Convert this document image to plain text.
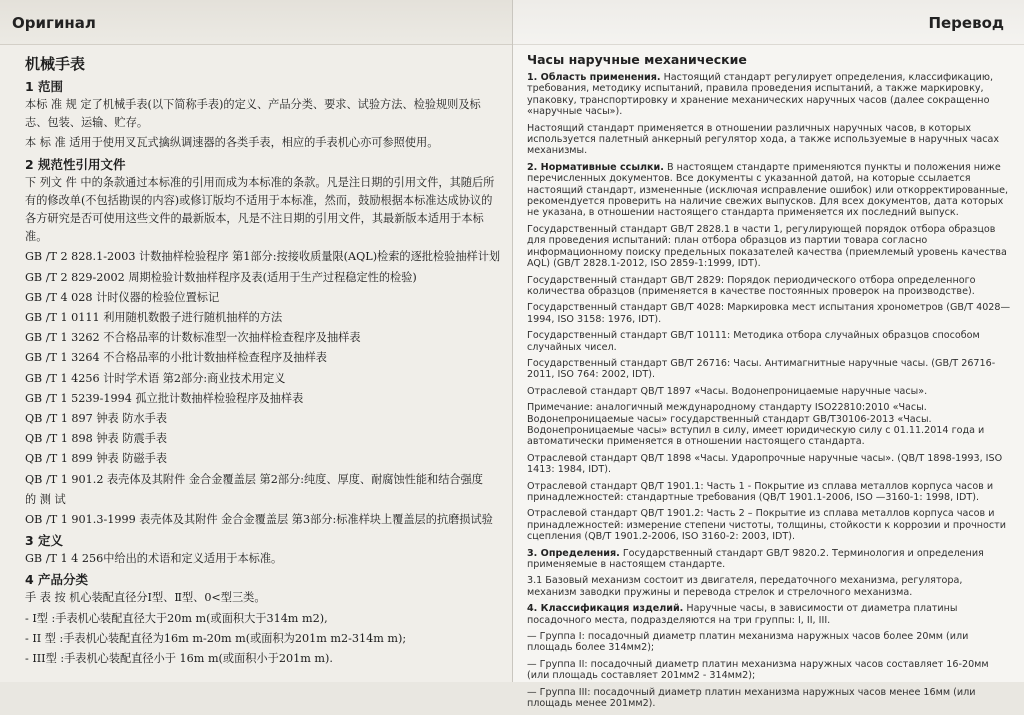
Оригинал
机械手表
1 范围

本标 准 规 定了机械手表(以下简称手表)的定义、产品分类、要求、试验方法、检验规则及标志、包装、运输、贮存。

本 标 准 适用于使用叉瓦式擒纵调速器的各类手表，相应的手表机心亦可参照使用。

2 规范性引用文件

下 列文 件 中的条款通过本标准的引用而成为本标准的条款。凡是注日期的引用文件，其随后所有的修改单(不包括勘误的内容)或修订版均不适用于本标准，然而，鼓励根据本标准达成协议的各方研究是否可使用这些文件的最新版本，凡是不注日期的引用文件，其最新版本适用于本标准。

GB /T 2 828.1-2003 计数抽样检验程序 第1部分:按接收质量限(AQL)检索的逐批检验抽样计划

GB /T 2 829-2002 周期检验计数抽样程序及表(适用于生产过程稳定性的检验)

GB /T 4 028 计时仪器的检验位置标记

GB /T 1 0111 利用随机数骰子进行随机抽样的方法

GB /T 1 3262 不合格品率的计数标准型一次抽样检查程序及抽样表

GB /T 1 3264 不合格品率的小批计数抽样检查程序及抽样表

GB /T 1 4256 计时学术语 第2部分:商业技术用定义

GB /T 1 5239-1994 孤立批计数抽样检验程序及抽样表

QB /T 1 897 钟表 防水手表

QB /T 1 898 钟表 防震手表

QB /T 1 899 钟表 防磁手表

QB /T 1 901.2 表壳体及其附件 金合金覆盖层 第2部分:纯度、厚度、耐腐蚀性能和结合强度

的 测 试

OB /T 1 901.3-1999 表壳体及其附件 金合金覆盖层 第3部分:标准样块上覆盖层的抗磨损试验

3 定义

GB /T 1 4 256中给出的术语和定义适用于本标准。

4 产品分类

手 表 按 机心装配直径分Ⅰ型、Ⅱ型、0<型三类。

- Ⅰ型 :手表机心装配直径大于20m m(或面积大于314m m2),

- II 型 :手表机心装配直径为16m m-20m m(或面积为201m m2-314m m);

- III型 :手表机心装配直径小于 16m m(或面积小于201m m).

Перевод
Часы наручные механические

1. Область применения. Настоящий стандарт регулирует определения, классификацию, требования, методику испытаний, правила проведения испытаний, а также маркировку, упаковку, транспортировку и хранение механических наручных часов (далее сокращенно «наручные часы»).

Настоящий стандарт применяется в отношении различных наручных часов, в которых используется палетный анкерный регулятор хода, а также используемые в наручных часах механизмы.

2. Нормативные ссылки. В настоящем стандарте применяются пункты и положения ниже перечисленных документов. Все документы с указанной датой, на которые ссылается настоящий стандарт, измененные (исключая исправление ошибок) или откорректированные, рекомендуется проверить на наличие свежих выпусков. Для всех документов, дата которых не указана, в отношении настоящего стандарта применяется их последний выпуск.

Государственный стандарт GB/T 2828.1 в части 1, регулирующей порядок отбора образцов для проведения испытаний: план отбора образцов из партии товара согласно информационному поиску предельных показателей качества (приемлемый уровень качества AQL) (GB/T 2828.1-2012, ISO 2859-1:1999, IDT).

Государственный стандарт GB/T 2829: Порядок периодического отбора определенного количества образцов (применяется в качестве постоянных проверок на производстве).

Государственный стандарт GB/T 4028: Маркировка мест испытания хронометров (GB/T 4028—1994, ISO 3158: 1976, IDT).

Государственный стандарт GB/T 10111: Методика отбора случайных образцов способом случайных чисел.

Государственный стандарт GB/T 26716: Часы. Антимагнитные наручные часы. (GB/T 26716-2011, ISO 764: 2002, IDT).

Отраслевой стандарт QB/T 1897 «Часы. Водонепроницаемые наручные часы».

Примечание: аналогичный международному стандарту ISO22810:2010 «Часы. Водонепроницаемые часы» государственный стандарт GB/T30106-2013 «Часы. Водонепроницаемые часы» вступил в силу, имеет юридическую силу с 01.11.2014 года и автоматически применяется в отношении настоящего стандарта.

Отраслевой стандарт QB/T 1898 «Часы. Ударопрочные наручные часы». (QB/T 1898-1993, ISO 1413: 1984, IDT).

Отраслевой стандарт QB/T 1901.1: Часть 1 - Покрытие из сплава металлов корпуса часов и принадлежностей: стандартные требования (QB/T 1901.1-2006, ISO —3160-1: 1998, IDT).

Отраслевой стандарт QB/T 1901.2: Часть 2 – Покрытие из сплава металлов корпуса часов и принадлежностей: измерение степени чистоты, толщины, стойкости к коррозии и прочности сцепления (QB/T 1901.2-2006, ISO 3160-2: 2003, IDT).

3. Определения. Государственный стандарт GB/T 9820.2. Терминология и определения применяемые в настоящем стандарте.

3.1 Базовый механизм состоит из двигателя, передаточного механизма, регулятора, механизм заводки пружины и перевода стрелок и стрелочного механизма.

4. Классификация изделий. Наручные часы, в зависимости от диаметра платины посадочного места, подразделяются на три группы: I, II, III.

— Группа I: посадочный диаметр платин механизма наружных часов более 20мм (или площадь более 314мм2);

— Группа II: посадочный диаметр платин механизма наружных часов составляет 16-20мм (или площадь составляет 201мм2 - 314мм2);

— Группа III: посадочный диаметр платин механизма наружных часов менее 16мм (или площадь менее 201мм2).
